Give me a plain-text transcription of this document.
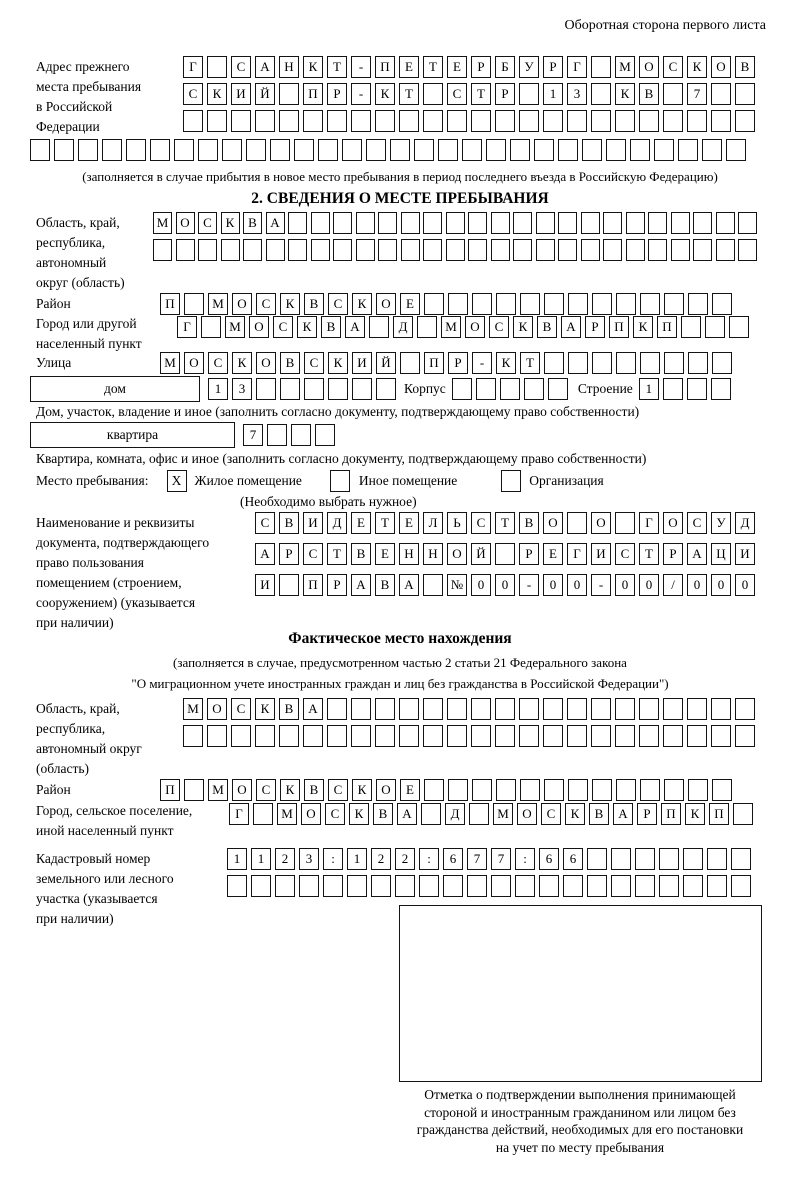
Оборотная сторона первого листа
Адрес прежнего
места пребывания
в Российской
Федерации
Г	С	А	Н	К	Т	-	П	Е	Т	Е	Р	Б	У	Р	Г	М	О	С	К	О	В
С	К	И	Й	П	Р	-	К	Т	С	Т	Р	1	3	К	В	7
(заполняется в случае прибытия в новое место пребывания в период последнего въезда в Российскую Федерацию)
2. СВЕДЕНИЯ О МЕСТЕ ПРЕБЫВАНИЯ
Область, край,
республика,
автономный
округ (область)
М О	С	К	В	А
Район	П	М	О	С	К	В	С	К	О	Е
Город или другой
населенный пункт
Г	М	О	С	К	В	А	Д	М	О	С	К	В	А	Р	П	К	П
Улица	М	О	С	К	О	В	С	К	И	Й	П	Р	-	К	Т
дом	1	3	Корпус	Строение 1
Дом, участок, владение и иное (заполнить согласно документу, подтверждающему право собственности)
квартира	7
Квартира, комната, офис и иное (заполнить согласно документу, подтверждающему право собственности)
Место пребывания:	X Жилое помещение	Иное помещение	Организация
(Необходимо выбрать нужное)
Наименование и реквизиты
документа, подтверждающего
право пользования
помещением (строением,
сооружением) (указывается
при наличии)
С	В	И	Д	Е	Т	Е	Л	Ь	С	Т	В	О	О	Г	О	С	У	Д
А	Р	С	Т	В	Е	Н	Н	О	Й	Р	Е	Г	И	С	Т	Р	А	Ц	И
И	П	Р	А	В	А	№	0	0	-	0	0	-	0	0	/	0	0	0
Фактическое место нахождения
(заполняется в случае, предусмотренном частью 2 статьи 21 Федерального закона
"О миграционном учете иностранных граждан и лиц без гражданства в Российской Федерации")
Область, край,
республика,
автономный округ
(область)
М	О	С	К	В	А
Район	П	М	О	С	К	В	С	К	О	Е
Город, сельское поселение,
иной населенный пункт
Г	М	О	С	К	В	А	Д	М	О	С	К	В	А	Р	П	К	П
Кадастровый номер
земельного или лесного
участка (указывается
при наличии)
1	1	2	3	:	1	2	2	:	6	7	7	:	6	6
Отметка о подтверждении выполнения принимающей
стороной и иностранным гражданином или лицом без
гражданства действий, необходимых для его постановки
на учет по месту пребывания
